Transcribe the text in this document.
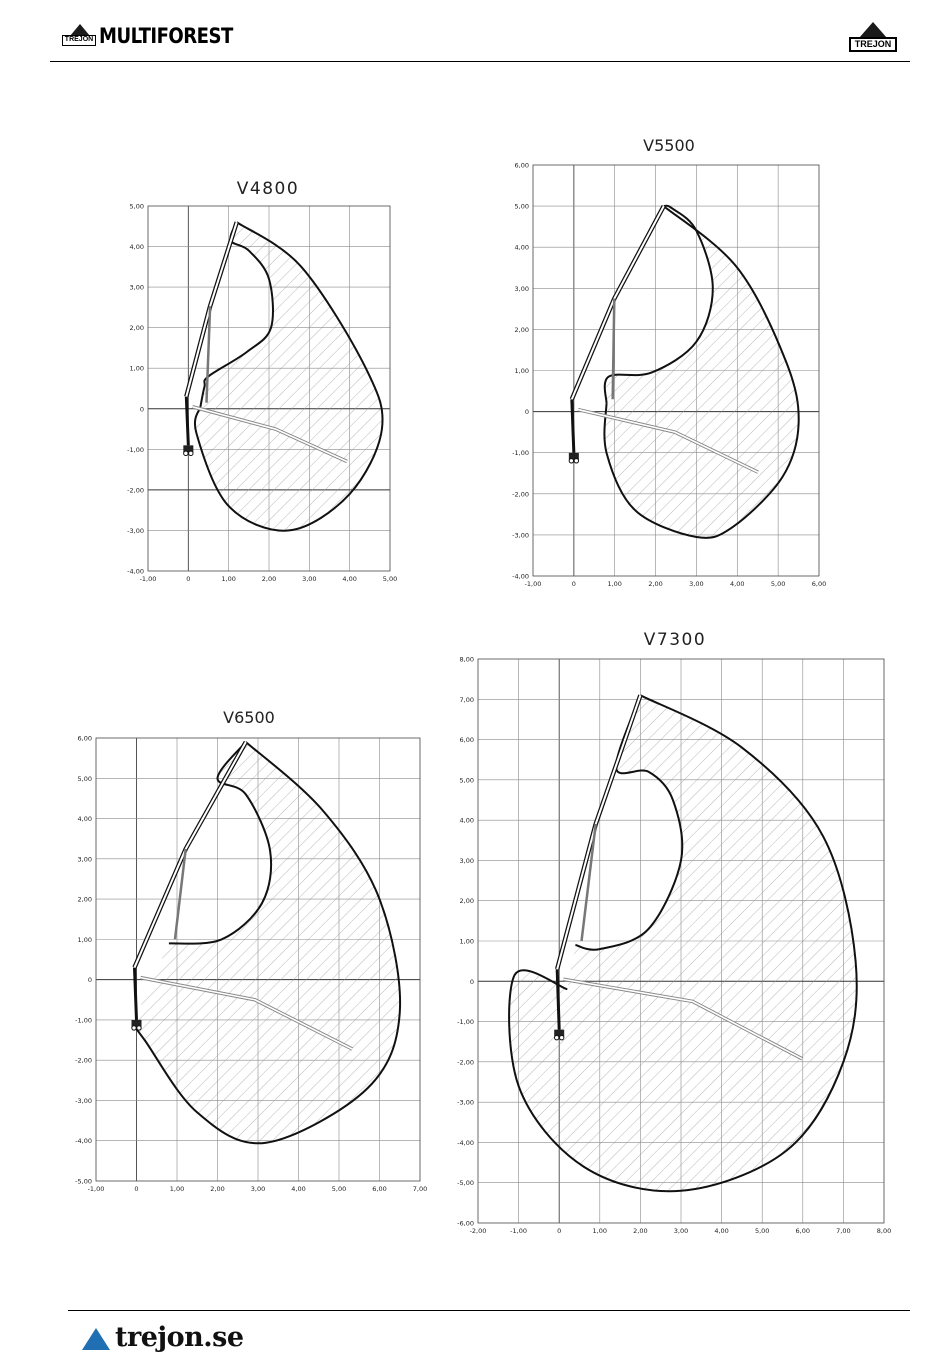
TREJON MULTIFOREST	TREJON
V4800
-1,00	0	1,00	2,00	3,00	4,00	5,00
-4,00
-3,00
-2,00
-1,00
0
1,00
2,00
3,00
4,00
5,00
V5500
-1,00	0	1,00	2,00	3,00	4,00	5,00	6,00
-4,00
-3,00
-2,00
-1,00
0
1,00
2,00
3,00
4,00
5,00
6,00
V6500
-1,00	0	1,00	2,00	3,00	4,00	5,00	6,00	7,00
-5,00
-4,00
-3,00
-2,00
-1,00
0
1,00
2,00
3,00
4,00
5,00
6,00
V7300
-2,00	-1,00	0	1,00	2,00	3,00	4,00	5,00	6,00	7,00	8,00
-6,00
-5,00
-4,00
-3,00
-2,00
-1,00
0
1,00
2,00
3,00
4,00
5,00
6,00
7,00
8,00
trejon.se
